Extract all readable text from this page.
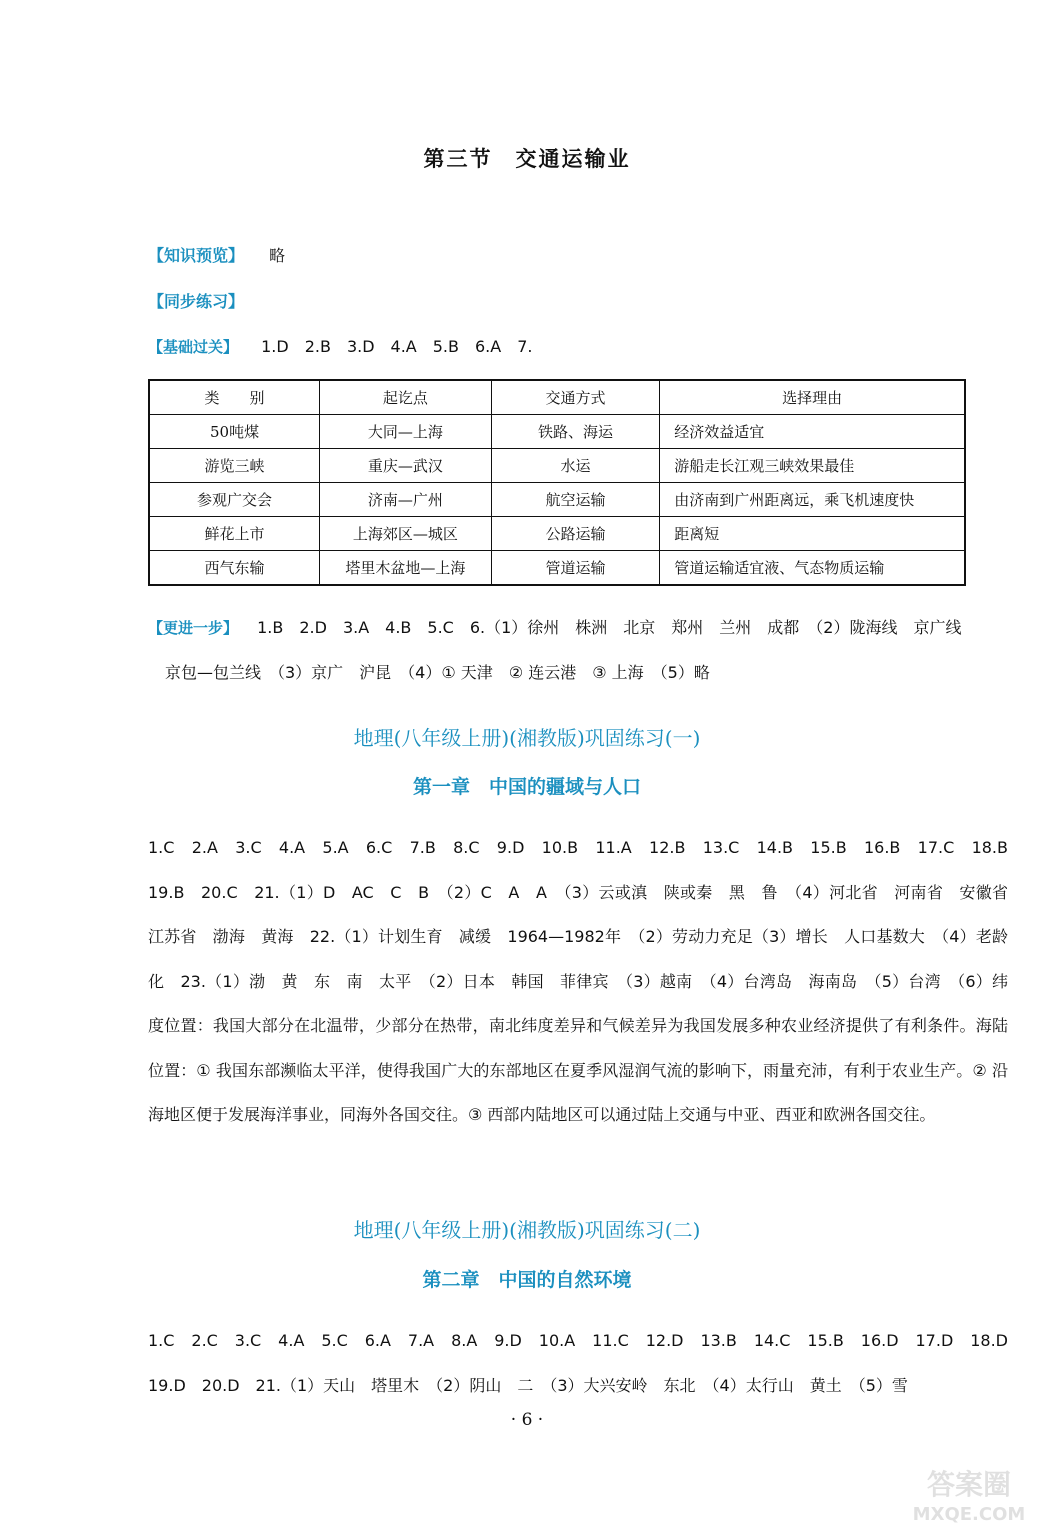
第三节　交通运输业
【知识预览】 略
【同步练习】
【基础过关】 1.D　2.B　3.D　4.A　5.B　6.A　7.
类　　别	起讫点	交通方式	选择理由
50吨煤	大同—上海	铁路、海运	经济效益适宜
游览三峡	重庆—武汉	水运	游船走长江观三峡效果最佳
参观广交会	济南—广州	航空运输	由济南到广州距离远，乘飞机速度快
鲜花上市	上海郊区—城区	公路运输	距离短
西气东输	塔里木盆地—上海	管道运输	管道运输适宜液、气态物质运输
【更进一步】 1.B　2.D　3.A　4.B　5.C　6.（1）徐州　株洲　北京　郑州　兰州　成都　（2）陇海线　京广线
京包—包兰线　（3）京广　沪昆　（4）① 天津　② 连云港　③ 上海　（5）略
地理(八年级上册)(湘教版)巩固练习(一)
第一章　中国的疆域与人口
1.C　2.A　3.C　4.A　5.A　6.C　7.B　8.C　9.D　10.B　11.A　12.B　13.C　14.B　15.B　16.B　17.C　18.B　19.B　20.C　21.（1）D　AC　C　B　（2）C　A　A　（3）云或滇　陕或秦　黑　鲁　（4）河北省　河南省　安徽省　江苏省　渤海　黄海　22.（1）计划生育　减缓　1964—1982年　（2）劳动力充足（3）增长　人口基数大　（4）老龄化　23.（1）渤　黄　东　南　太平　（2）日本　韩国　菲律宾　（3）越南　（4）台湾岛　海南岛　（5）台湾　（6）纬度位置：我国大部分在北温带，少部分在热带，南北纬度差异和气候差异为我国发展多种农业经济提供了有利条件。海陆位置：① 我国东部濒临太平洋，使得我国广大的东部地区在夏季风湿润气流的影响下，雨量充沛，有利于农业生产。② 沿海地区便于发展海洋事业，同海外各国交往。③ 西部内陆地区可以通过陆上交通与中亚、西亚和欧洲各国交往。
地理(八年级上册)(湘教版)巩固练习(二)
第二章　中国的自然环境
1.C　2.C　3.C　4.A　5.C　6.A　7.A　8.A　9.D　10.A　11.C　12.D　13.B　14.C　15.B　16.D　17.D　18.D　19.D　20.D　21.（1）天山　塔里木　（2）阴山　二　（3）大兴安岭　东北　（4）太行山　黄土　（5）雪
· 6 ·
答案圈
MXQE.COM
